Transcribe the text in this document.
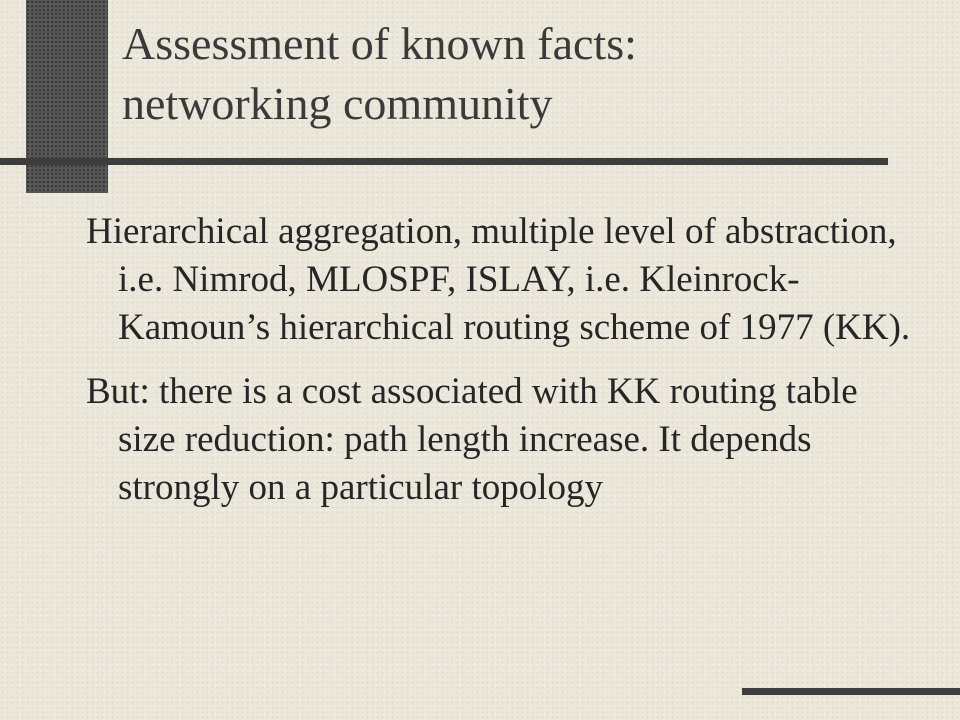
Assessment of known facts:
networking community
Hierarchical aggregation, multiple level of abstraction, i.e. Nimrod, MLOSPF, ISLAY, i.e. Kleinrock-Kamoun’s hierarchical routing scheme of 1977 (KK).
But: there is a cost associated with KK routing table size reduction: path length increase. It depends strongly on a particular topology
